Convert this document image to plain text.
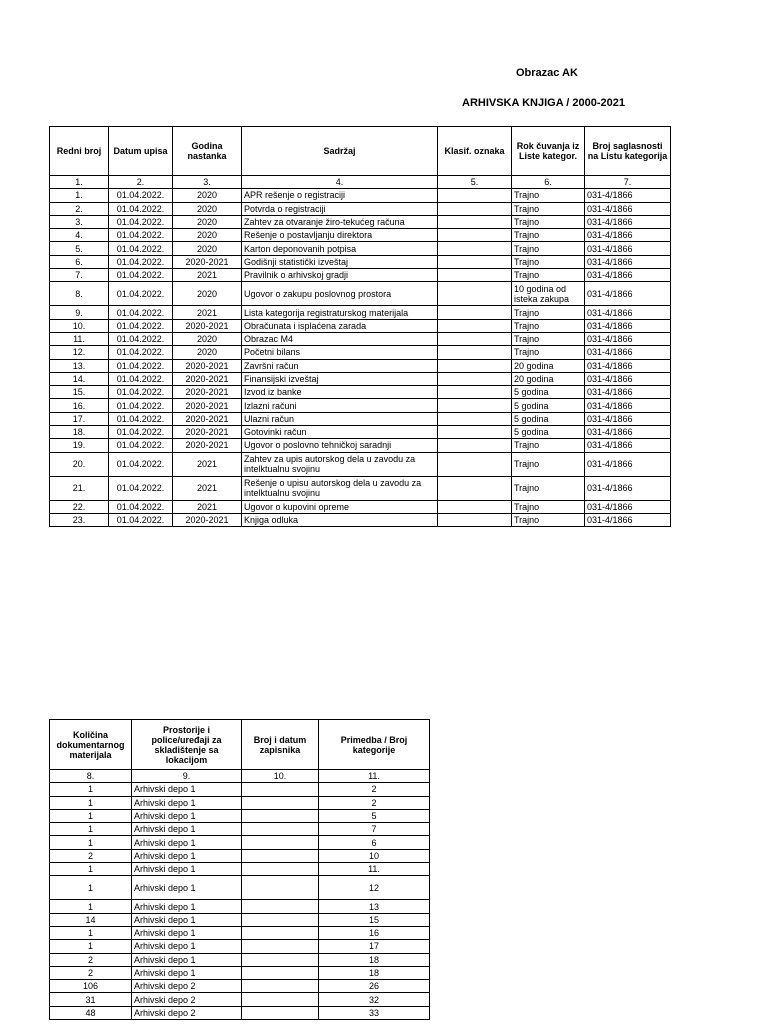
Obrazac AK
ARHIVSKA KNJIGA / 2000-2021
Redni broj	Datum upisa	Godina nastanka	Sadržaj	Klasif. oznaka	Rok čuvanja iz Liste kategor.	Broj saglasnosti na Listu kategorija
1.	2.	3.	4.	5.	6.	7.
1.	01.04.2022.	2020	APR rešenje o registraciji		Trajno	031-4/1866
2.	01.04.2022.	2020	Potvrda o registraciji		Trajno	031-4/1866
3.	01.04.2022.	2020	Zahtev za otvaranje žiro-tekućeg računa		Trajno	031-4/1866
4.	01.04.2022.	2020	Rešenje o postavljanju direktora		Trajno	031-4/1866
5.	01.04.2022.	2020	Karton deponovanih potpisa		Trajno	031-4/1866
6.	01.04.2022.	2020-2021	Godišnji statistički izveštaj		Trajno	031-4/1866
7.	01.04.2022.	2021	Pravilnik o arhivskoj gradji		Trajno	031-4/1866
8.	01.04.2022.	2020	Ugovor o zakupu poslovnog prostora		10 godina od isteka zakupa	031-4/1866
9.	01.04.2022.	2021	Lista kategorija registraturskog materijala		Trajno	031-4/1866
10.	01.04.2022.	2020-2021	Obračunata i isplaćena zarada		Trajno	031-4/1866
11.	01.04.2022.	2020	Obrazac M4		Trajno	031-4/1866
12.	01.04.2022.	2020	Početni bilans		Trajno	031-4/1866
13.	01.04.2022.	2020-2021	Završni račun		20 godina	031-4/1866
14.	01.04.2022.	2020-2021	Finansijski izveštaj		20 godina	031-4/1866
15.	01.04.2022.	2020-2021	Izvod iz banke		5 godina	031-4/1866
16.	01.04.2022.	2020-2021	Izlazni računi		5 godina	031-4/1866
17.	01.04.2022.	2020-2021	Ulazni račun		5 godina	031-4/1866
18.	01.04.2022.	2020-2021	Gotovinki račun		5 godina	031-4/1866
19.	01.04.2022.	2020-2021	Ugovor o poslovno tehničkoj saradnji		Trajno	031-4/1866
20.	01.04.2022.	2021	Zahtev za upis autorskog dela u zavodu za intelktualnu svojinu		Trajno	031-4/1866
21.	01.04.2022.	2021	Rešenje o upisu autorskog dela u zavodu za intelktualnu svojinu		Trajno	031-4/1866
22.	01.04.2022.	2021	Ugovor o kupovini opreme		Trajno	031-4/1866
23.	01.04.2022.	2020-2021	Knjiga odluka		Trajno	031-4/1866
Količina dokumentarnog materijala	Prostorije i police/uređaji za skladištenje sa lokacijom	Broj i datum zapisnika	Primedba / Broj kategorije
8.	9.	10.	11.
1	Arhivski depo 1		2
1	Arhivski depo 1		2
1	Arhivski depo 1		5
1	Arhivski depo 1		7
1	Arhivski depo 1		6
2	Arhivski depo 1		10
1	Arhivski depo 1		11.
1	Arhivski depo 1		12
1	Arhivski depo 1		13
14	Arhivski depo 1		15
1	Arhivski depo 1		16
1	Arhivski depo 1		17
2	Arhivski depo 1		18
2	Arhivski depo 1		18
106	Arhivski depo 2		26
31	Arhivski depo 2		32
48	Arhivski depo 2		33
